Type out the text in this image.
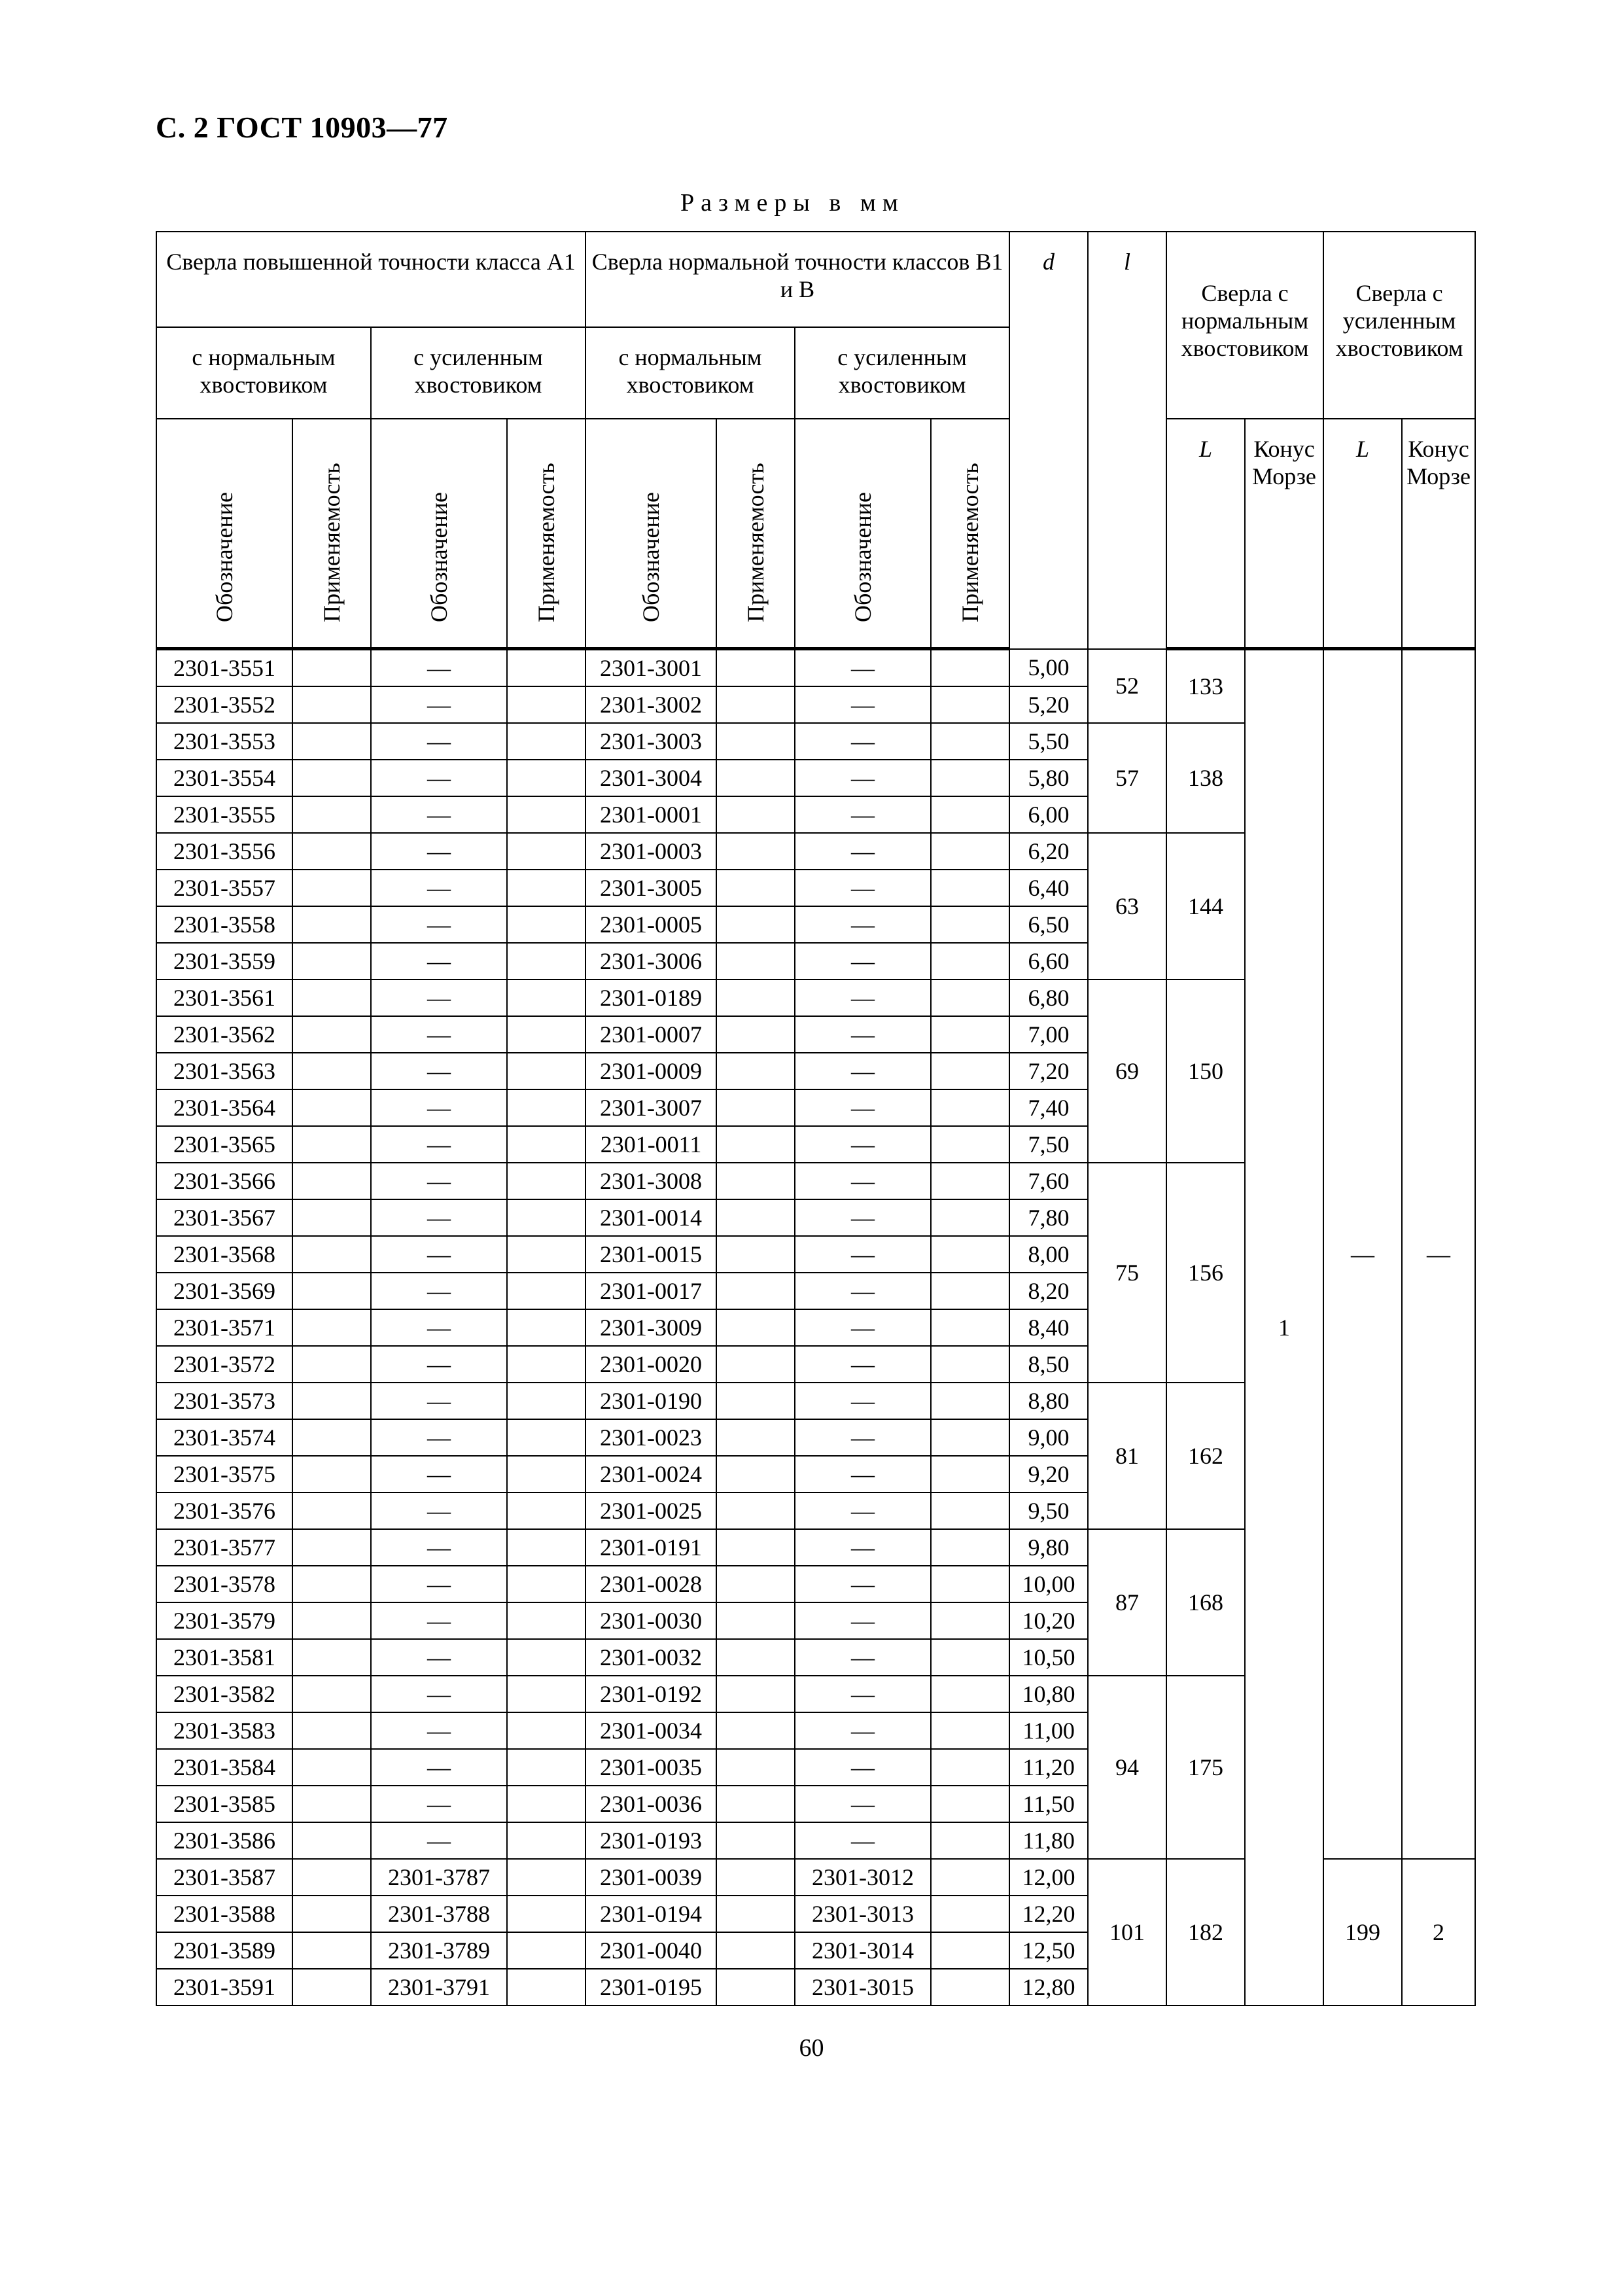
С. 2 ГОСТ 10903—77
Размеры в мм
Сверла повышенной точности класса А1				Сверла нормальной точности классов В1 и В				d	l	Сверла с нормальным хвостовиком		Сверла с усиленным хвостовиком	
с нормальным хвостовиком		с усиленным хвостовиком		с нормальным хвостовиком		с усиленным хвостовиком							
Обозначение	Применяемость	Обозначение	Применяемость	Обозначение	Применяемость	Обозначение	Применяемость			L	Конус Морзе	L	Конус Морзе
2301-3551		—		2301-3001		—		5,00	52	133	1	—	—
2301-3552		—		2301-3002		—		5,20					
2301-3553		—		2301-3003		—		5,50	57	138			
2301-3554		—		2301-3004		—		5,80					
2301-3555		—		2301-0001		—		6,00					
2301-3556		—		2301-0003		—		6,20	63	144			
2301-3557		—		2301-3005		—		6,40					
2301-3558		—		2301-0005		—		6,50					
2301-3559		—		2301-3006		—		6,60					
2301-3561		—		2301-0189		—		6,80	69	150			
2301-3562		—		2301-0007		—		7,00					
2301-3563		—		2301-0009		—		7,20					
2301-3564		—		2301-3007		—		7,40					
2301-3565		—		2301-0011		—		7,50					
2301-3566		—		2301-3008		—		7,60	75	156			
2301-3567		—		2301-0014		—		7,80					
2301-3568		—		2301-0015		—		8,00					
2301-3569		—		2301-0017		—		8,20					
2301-3571		—		2301-3009		—		8,40					
2301-3572		—		2301-0020		—		8,50					
2301-3573		—		2301-0190		—		8,80	81	162			
2301-3574		—		2301-0023		—		9,00					
2301-3575		—		2301-0024		—		9,20					
2301-3576		—		2301-0025		—		9,50					
2301-3577		—		2301-0191		—		9,80	87	168			
2301-3578		—		2301-0028		—		10,00					
2301-3579		—		2301-0030		—		10,20					
2301-3581		—		2301-0032		—		10,50					
2301-3582		—		2301-0192		—		10,80	94	175			
2301-3583		—		2301-0034		—		11,00					
2301-3584		—		2301-0035		—		11,20					
2301-3585		—		2301-0036		—		11,50					
2301-3586		—		2301-0193		—		11,80					
2301-3587		2301-3787		2301-0039		2301-3012		12,00	101	182		199	2
2301-3588		2301-3788		2301-0194		2301-3013		12,20					
2301-3589		2301-3789		2301-0040		2301-3014		12,50					
2301-3591		2301-3791		2301-0195		2301-3015		12,80					
60
